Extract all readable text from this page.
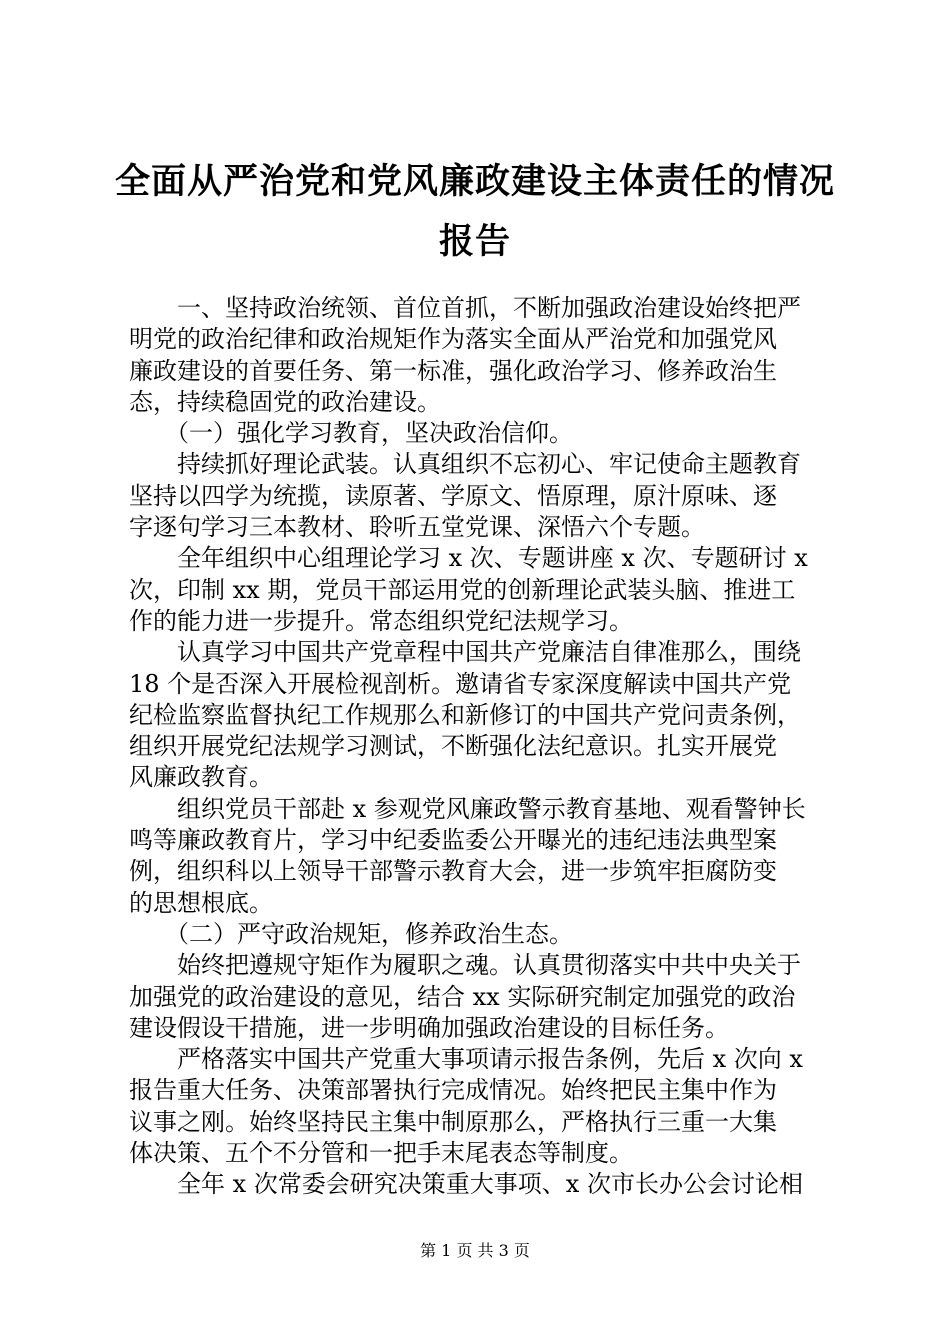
全面从严治党和党风廉政建设主体责任的情况
报告
　　一、坚持政治统领、首位首抓，不断加强政治建设始终把严
明党的政治纪律和政治规矩作为落实全面从严治党和加强党风
廉政建设的首要任务、第一标准，强化政治学习、修养政治生
态，持续稳固党的政治建设。
　　（一）强化学习教育，坚决政治信仰。
　　持续抓好理论武装。认真组织不忘初心、牢记使命主题教育
坚持以四学为统揽，读原著、学原文、悟原理，原汁原味、逐
字逐句学习三本教材、聆听五堂党课、深悟六个专题。
　　全年组织中心组理论学习 x 次、专题讲座 x 次、专题研讨 x
次，印制 xx 期，党员干部运用党的创新理论武装头脑、推进工
作的能力进一步提升。常态组织党纪法规学习。
　　认真学习中国共产党章程中国共产党廉洁自律准那么，围绕
18 个是否深入开展检视剖析。邀请省专家深度解读中国共产党
纪检监察监督执纪工作规那么和新修订的中国共产党问责条例，
组织开展党纪法规学习测试，不断强化法纪意识。扎实开展党
风廉政教育。
　　组织党员干部赴 x 参观党风廉政警示教育基地、观看警钟长
鸣等廉政教育片，学习中纪委监委公开曝光的违纪违法典型案
例，组织科以上领导干部警示教育大会，进一步筑牢拒腐防变
的思想根底。
　　（二）严守政治规矩，修养政治生态。
　　始终把遵规守矩作为履职之魂。认真贯彻落实中共中央关于
加强党的政治建设的意见，结合 xx 实际研究制定加强党的政治
建设假设干措施，进一步明确加强政治建设的目标任务。
　　严格落实中国共产党重大事项请示报告条例，先后 x 次向 x
报告重大任务、决策部署执行完成情况。始终把民主集中作为
议事之刚。始终坚持民主集中制原那么，严格执行三重一大集
体决策、五个不分管和一把手末尾表态等制度。
　　全年 x 次常委会研究决策重大事项、x 次市长办公会讨论相
第 1 页 共 3 页
